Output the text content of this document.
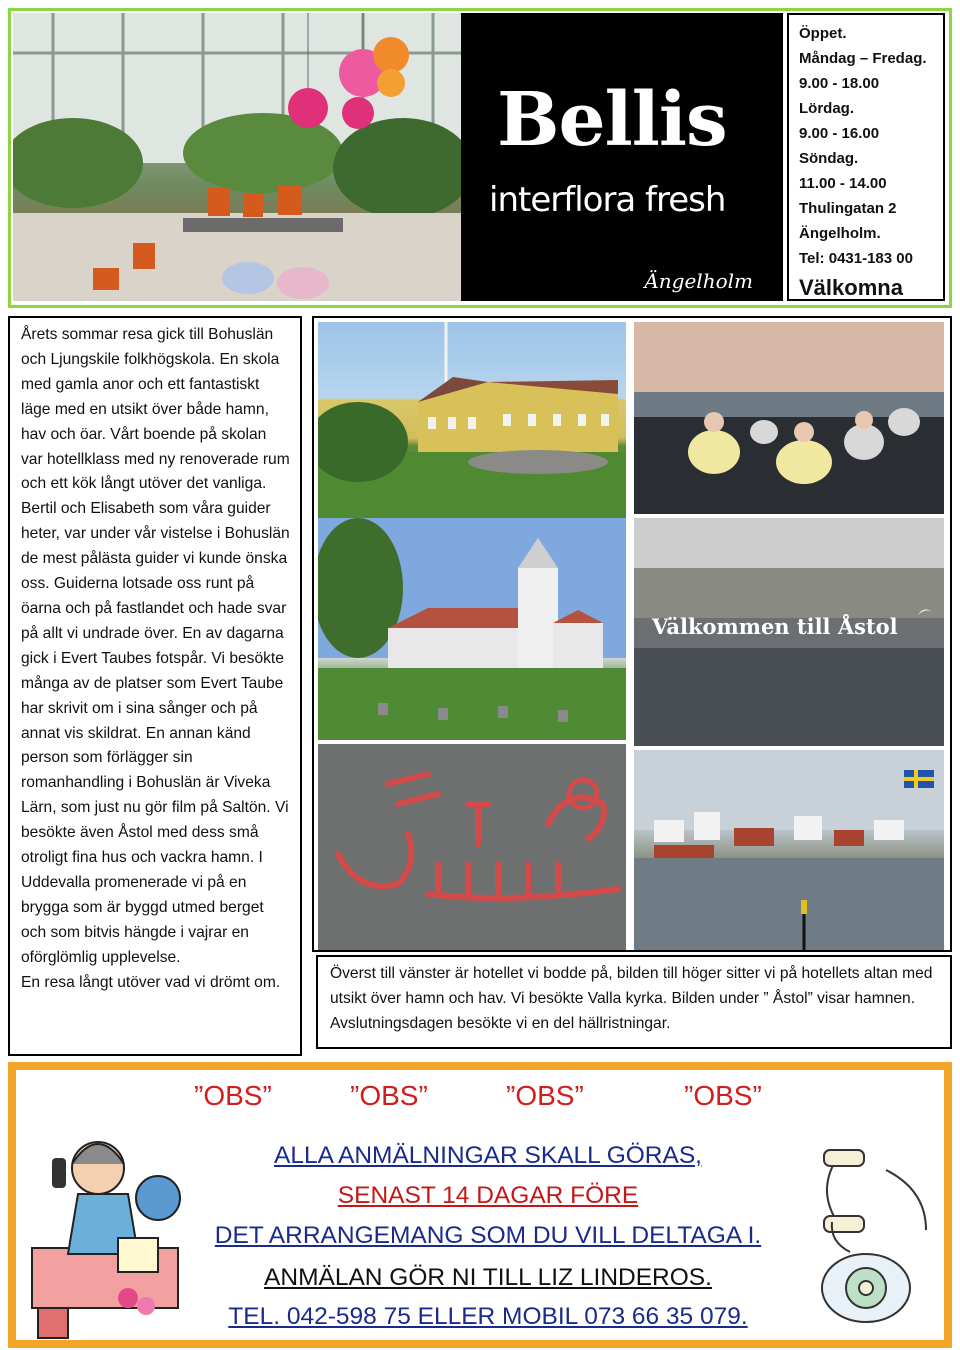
Bellis
interflora fresh
Ängelholm
Öppet.
Måndag – Fredag.
9.00 - 18.00
Lördag.
9.00 - 16.00
Söndag.
11.00 - 14.00
Thulingatan 2
Ängelholm.
Tel: 0431-183 00
Välkomna

Årets sommar resa gick till Bohuslän och Ljungskile folkhögskola. En skola med gamla anor och ett fantastiskt läge med en utsikt över både hamn, hav och öar. Vårt boende på skolan var hotellklass med ny renoverade rum och ett kök långt utöver det vanliga. Bertil och Elisabeth som våra guider heter, var under vår vistelse i Bohuslän de mest pålästa guider vi kunde önska oss. Guiderna lotsade oss runt på öarna och på fastlandet och hade svar på allt vi undrade över. En av dagarna gick i Evert Taubes fotspår. Vi besökte många av de platser som Evert Taube har skrivit om i sina sånger och på annat vis skildrat. En annan känd person som förlägger sin romanhandling i Bohuslän är Viveka Lärn, som just nu gör film på Saltön. Vi besökte även Åstol med dess små otroligt fina hus och vackra hamn. I Uddevalla promenerade vi på en brygga som är byggd utmed berget och som bitvis hängde i vajrar en oförglömlig upplevelse.

En resa långt utöver vad vi drömt om.

Välkommen till Åstol

Överst till vänster är hotellet vi bodde på, bilden till höger sitter vi på hotellets altan med utsikt över hamn och hav. Vi besökte Valla kyrka. Bilden under ” Åstol” visar hamnen. Avslutningsdagen besökte vi en del hällristningar.

”OBS”	”OBS”	”OBS”	”OBS”
ALLA ANMÄLNINGAR SKALL GÖRAS,
SENAST 14 DAGAR FÖRE
DET ARRANGEMANG SOM DU VILL DELTAGA I.
ANMÄLAN GÖR NI TILL LIZ LINDEROS.
TEL. 042-598 75 ELLER MOBIL 073 66 35 079.
